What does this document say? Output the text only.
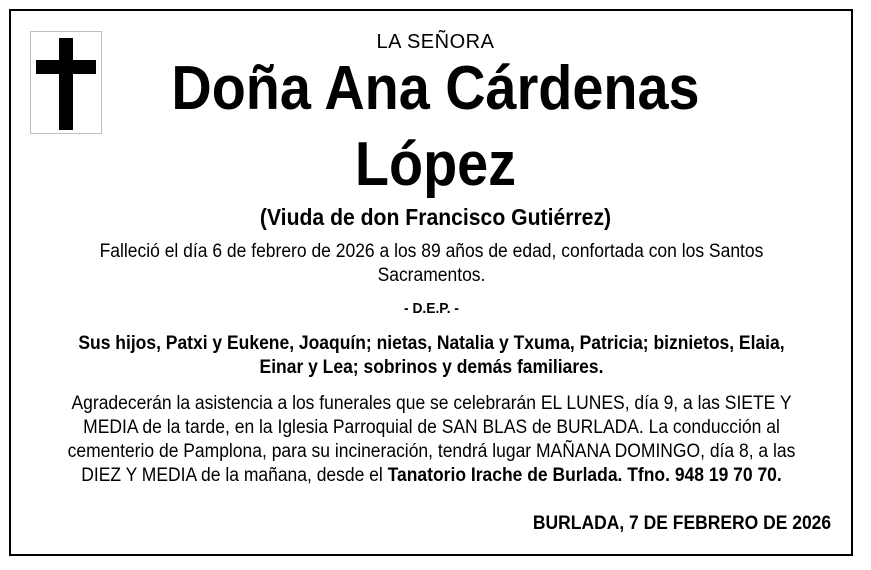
LA SEÑORA
Doña Ana Cárdenas
López
(Viuda de don Francisco Gutiérrez)
Falleció el día 6 de febrero de 2026 a los 89 años de edad, confortada con los Santos Sacramentos.
- D.E.P. -
Sus hijos, Patxi y Eukene, Joaquín; nietas, Natalia y Txuma, Patricia; biznietos, Elaia, Einar y Lea; sobrinos y demás familiares.
Agradecerán la asistencia a los funerales que se celebrarán EL LUNES, día 9, a las SIETE Y MEDIA de la tarde, en la Iglesia Parroquial de SAN BLAS de BURLADA. La conducción al cementerio de Pamplona, para su incineración, tendrá lugar MAÑANA DOMINGO, día 8, a las DIEZ Y MEDIA de la mañana, desde el Tanatorio Irache de Burlada. Tfno. 948 19 70 70.
BURLADA, 7 DE FEBRERO DE 2026
